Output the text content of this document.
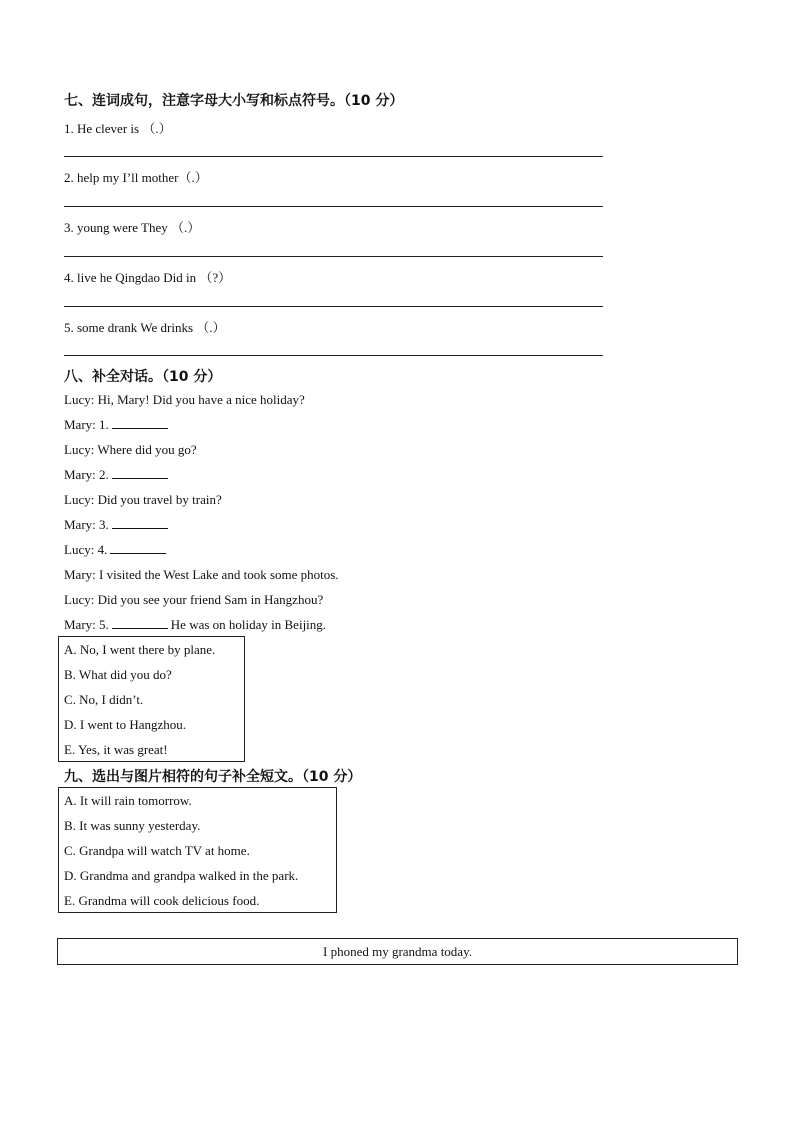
七、连词成句，注意字母大小写和标点符号。（10 分）
1. He clever is （.）
2. help my I’ll mother（.）
3. young were They （.）
4. live he Qingdao Did in （?）
5. some drank We drinks （.）
八、补全对话。（10 分）
Lucy: Hi, Mary! Did you have a nice holiday?
Mary: 1.
Lucy: Where did you go?
Mary: 2.
Lucy: Did you travel by train?
Mary: 3.
Lucy: 4.
Mary: I visited the West Lake and took some photos.
Lucy: Did you see your friend Sam in Hangzhou?
Mary: 5.	He was on holiday in Beijing.
A. No, I went there by plane.
B. What did you do?
C. No, I didn’t.
D. I went to Hangzhou.
E. Yes, it was great!
九、选出与图片相符的句子补全短文。（10 分）
A. It will rain tomorrow.
B. It was sunny yesterday.
C. Grandpa will watch TV at home.
D. Grandma and grandpa walked in the park.
E. Grandma will cook delicious food.
I phoned my grandma today.
